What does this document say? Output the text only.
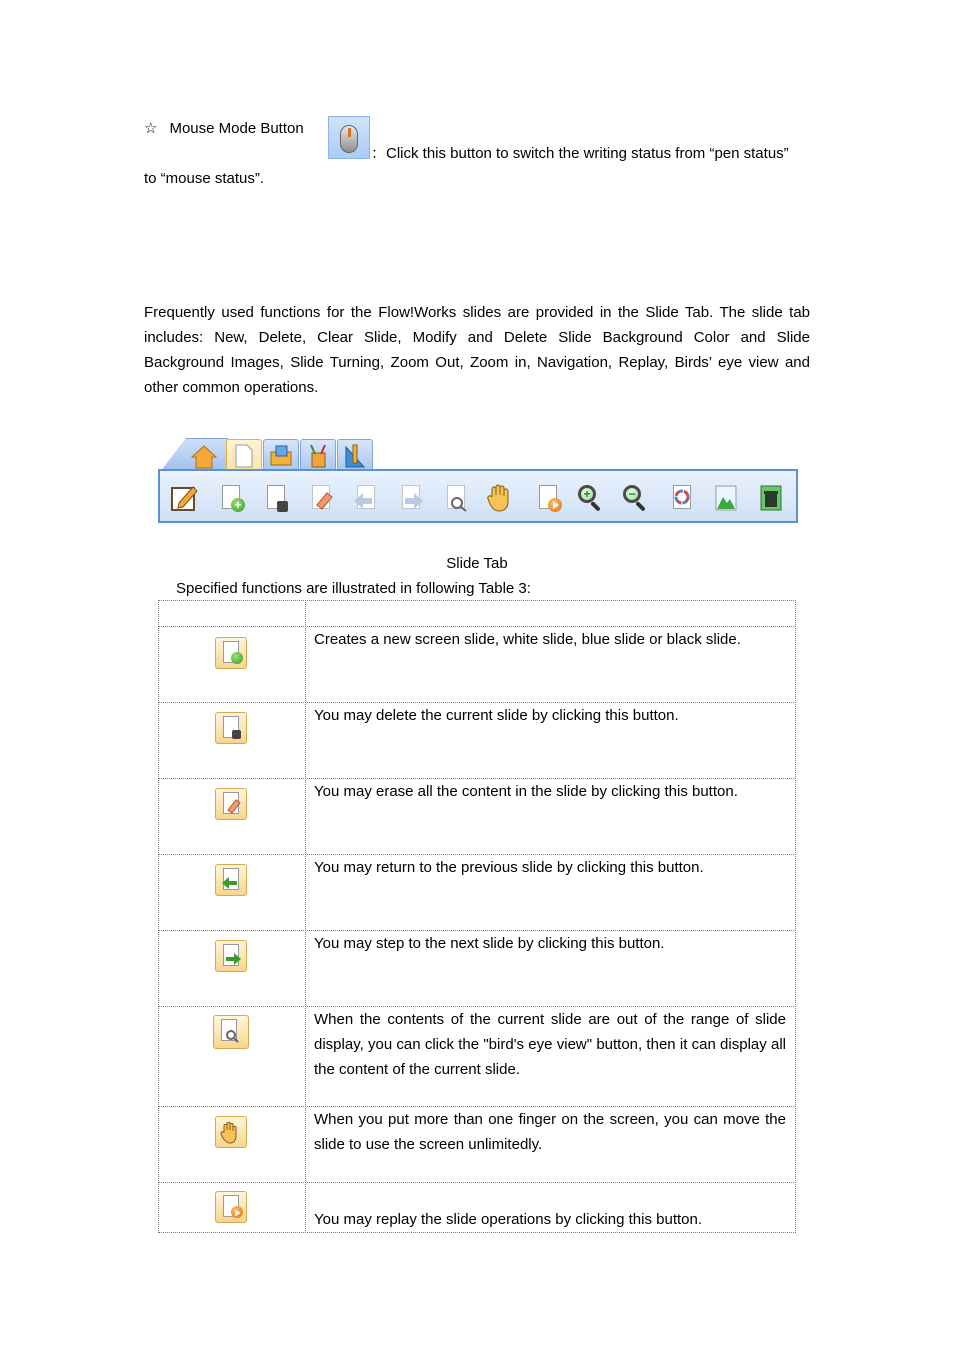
☆ Mouse Mode Button
：Click this button to switch the writing status from “pen status”
to “mouse status”.
Frequently used functions for the Flow!Works slides are provided in the Slide Tab. The slide tab includes: New, Delete, Clear Slide, Modify and Delete Slide Background Color and Slide Background Images, Slide Turning, Zoom Out, Zoom in, Navigation, Replay, Birds’ eye view and other common operations.
+
+	−
Slide Tab
Specified functions are illustrated in following Table 3:
Creates a new screen slide, white slide, blue slide or black slide.
You may delete the current slide by clicking this button.
You may erase all the content in the slide by clicking this button.
You may return to the previous slide by clicking this button.
You may step to the next slide by clicking this button.
When the contents of the current slide are out of the range of slide display, you can click the "bird's eye view" button, then it can display all the content of the current slide.
When you put more than one finger on the screen, you can move the slide to use the screen unlimitedly.
You may replay the slide operations by clicking this button.
